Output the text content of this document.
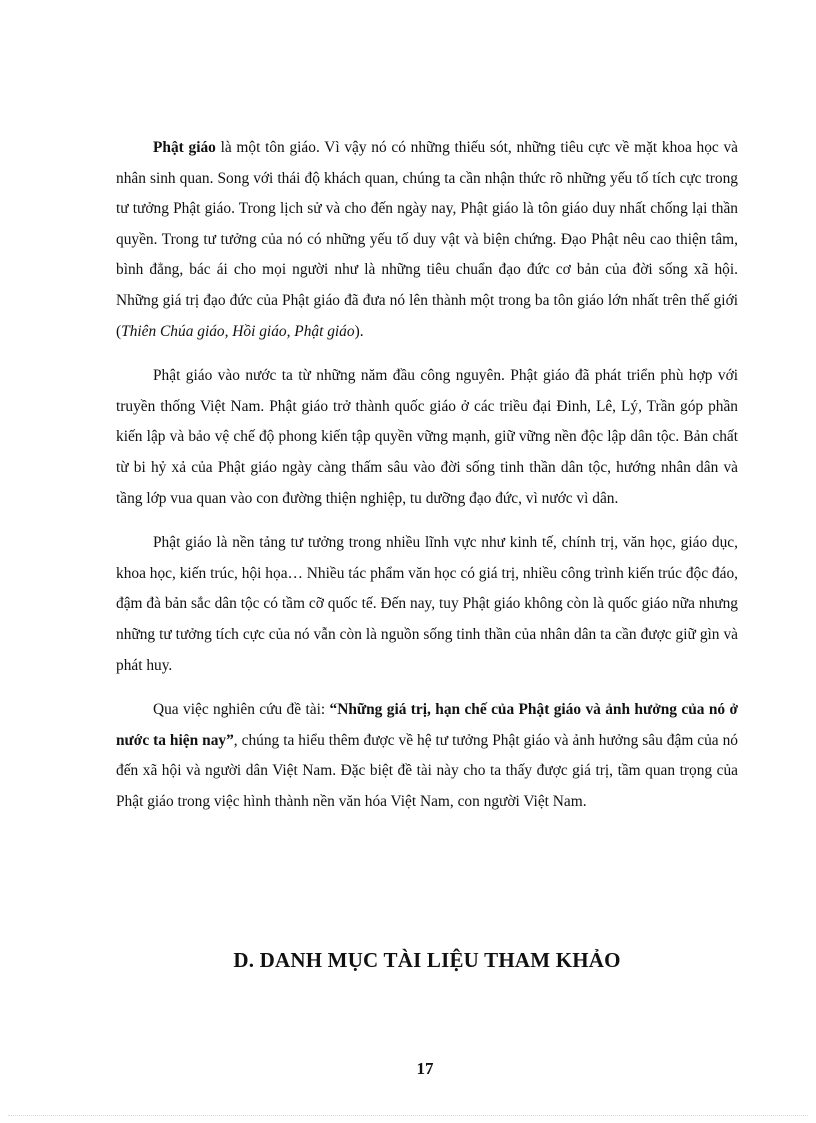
Phật giáo là một tôn giáo. Vì vậy nó có những thiếu sót, những tiêu cực về mặt khoa học và nhân sinh quan. Song với thái độ khách quan, chúng ta cần nhận thức rõ những yếu tố tích cực trong tư tưởng Phật giáo. Trong lịch sử và cho đến ngày nay, Phật giáo là tôn giáo duy nhất chống lại thần quyền. Trong tư tưởng của nó có những yếu tố duy vật và biện chứng. Đạo Phật nêu cao thiện tâm, bình đẳng, bác ái cho mọi người như là những tiêu chuẩn đạo đức cơ bản của đời sống xã hội. Những giá trị đạo đức của Phật giáo đã đưa nó lên thành một trong ba tôn giáo lớn nhất trên thế giới (Thiên Chúa giáo, Hồi giáo, Phật giáo).

Phật giáo vào nước ta từ những năm đầu công nguyên. Phật giáo đã phát triển phù hợp với truyền thống Việt Nam. Phật giáo trở thành quốc giáo ở các triều đại Đinh, Lê, Lý, Trần góp phần kiến lập và bảo vệ chế độ phong kiến tập quyền vững mạnh, giữ vững nền độc lập dân tộc. Bản chất từ bi hỷ xả của Phật giáo ngày càng thấm sâu vào đời sống tinh thần dân tộc, hướng nhân dân và tầng lớp vua quan vào con đường thiện nghiệp, tu dưỡng đạo đức, vì nước vì dân.

Phật giáo là nền tảng tư tưởng trong nhiều lĩnh vực như kinh tế, chính trị, văn học, giáo dục, khoa học, kiến trúc, hội họa… Nhiều tác phẩm văn học có giá trị, nhiều công trình kiến trúc độc đáo, đậm đà bản sắc dân tộc có tầm cỡ quốc tế. Đến nay, tuy Phật giáo không còn là quốc giáo nữa nhưng những tư tưởng tích cực của nó vẫn còn là nguồn sống tinh thần của nhân dân ta cần được giữ gìn và phát huy.

Qua việc nghiên cứu đề tài: “Những giá trị, hạn chế của Phật giáo và ảnh hưởng của nó ở nước ta hiện nay”, chúng ta hiểu thêm được về hệ tư tưởng Phật giáo và ảnh hưởng sâu đậm của nó đến xã hội và người dân Việt Nam. Đặc biệt đề tài này cho ta thấy được giá trị, tầm quan trọng của Phật giáo trong việc hình thành nền văn hóa Việt Nam, con người Việt Nam.

D. DANH MỤC TÀI LIỆU THAM KHẢO
17
